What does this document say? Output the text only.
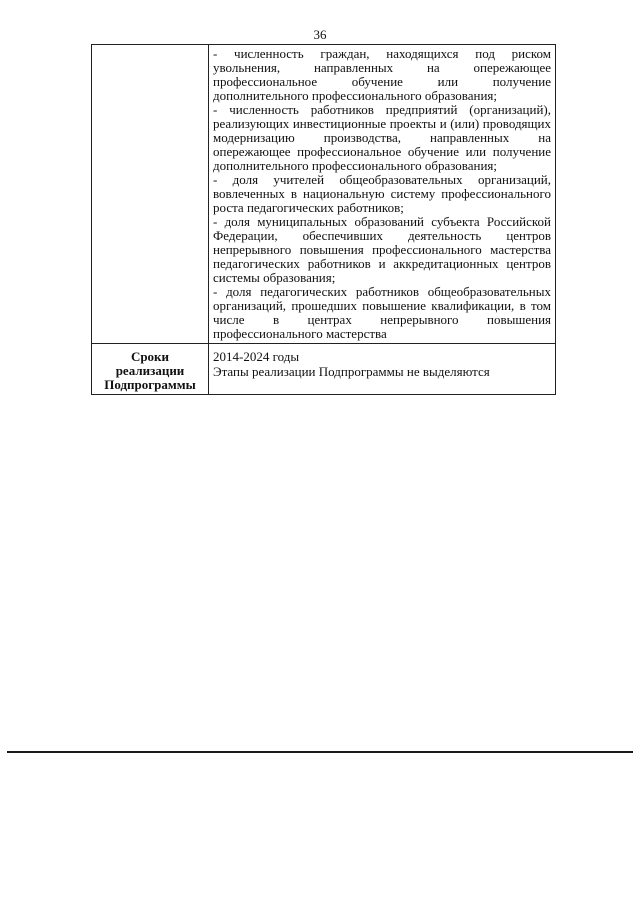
36

	- численность граждан, находящихся под риском увольнения, направленных на опережающее профессиональное обучение или получение дополнительного профессионального образования;

- численность работников предприятий (организаций), реализующих инвестиционные проекты и (или) проводящих модернизацию производства, направленных на опережающее профессиональное обучение или получение дополнительного профессионального образования;

- доля учителей общеобразовательных организаций, вовлеченных в национальную систему профессионального роста педагогических работников;

- доля муниципальных образований субъекта Российской Федерации, обеспечивших деятельность центров непрерывного повышения профессионального мастерства педагогических работников и аккредитационных центров системы образования;

- доля педагогических работников общеобразовательных организаций, прошедших повышение квалификации, в том числе в центрах непрерывного повышения профессионального мастерства

Сроки реализации Подпрограммы	2014-2024 годы

Этапы реализации Подпрограммы не выделяются
